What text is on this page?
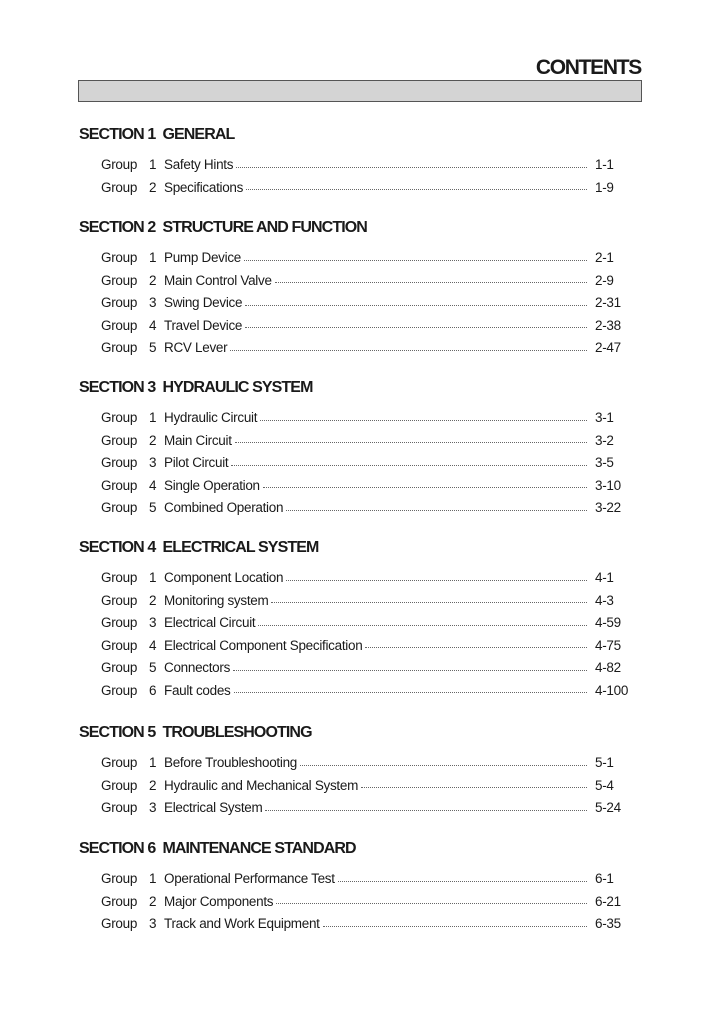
CONTENTS
SECTION 1  GENERAL
Group 1 Safety Hints	1-1
Group 2 Specifications	1-9
SECTION 2  STRUCTURE AND FUNCTION
Group 1 Pump Device	2-1
Group 2 Main Control Valve	2-9
Group 3 Swing Device	2-31
Group 4 Travel Device	2-38
Group 5 RCV Lever	2-47
SECTION 3  HYDRAULIC SYSTEM
Group 1 Hydraulic Circuit	3-1
Group 2 Main Circuit	3-2
Group 3 Pilot Circuit	3-5
Group 4 Single Operation	3-10
Group 5 Combined Operation	3-22
SECTION 4  ELECTRICAL SYSTEM
Group 1 Component Location	4-1
Group 2 Monitoring system	4-3
Group 3 Electrical Circuit	4-59
Group 4 Electrical Component Specification	4-75
Group 5 Connectors	4-82
Group 6 Fault codes	4-100
SECTION 5  TROUBLESHOOTING
Group 1 Before Troubleshooting	5-1
Group 2 Hydraulic and Mechanical System	5-4
Group 3 Electrical System	5-24
SECTION 6  MAINTENANCE STANDARD
Group 1 Operational Performance Test	6-1
Group 2 Major Components	6-21
Group 3 Track and Work Equipment	6-35
